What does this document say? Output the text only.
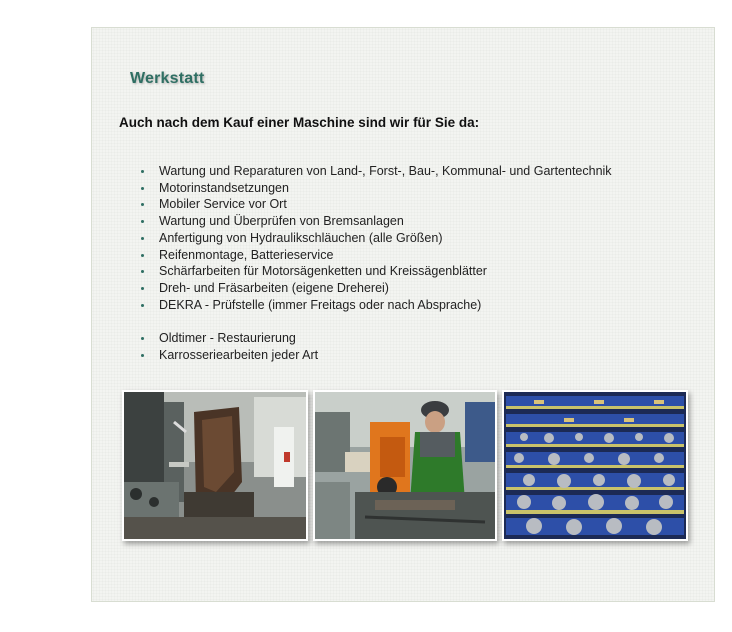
Werkstatt
Auch nach dem Kauf einer Maschine sind wir für Sie da:
Wartung und Reparaturen von Land-, Forst-, Bau-, Kommunal- und Gartentechnik
Motorinstandsetzungen
Mobiler Service vor Ort
Wartung und Überprüfen von Bremsanlagen
Anfertigung von Hydraulikschläuchen (alle Größen)
Reifenmontage, Batterieservice
Schärfarbeiten für Motorsägenketten und Kreissägenblätter
Dreh- und Fräsarbeiten (eigene Dreherei)
DEKRA - Prüfstelle (immer Freitags oder nach Absprache)
Oldtimer - Restaurierung
Karrosseriearbeiten jeder Art
